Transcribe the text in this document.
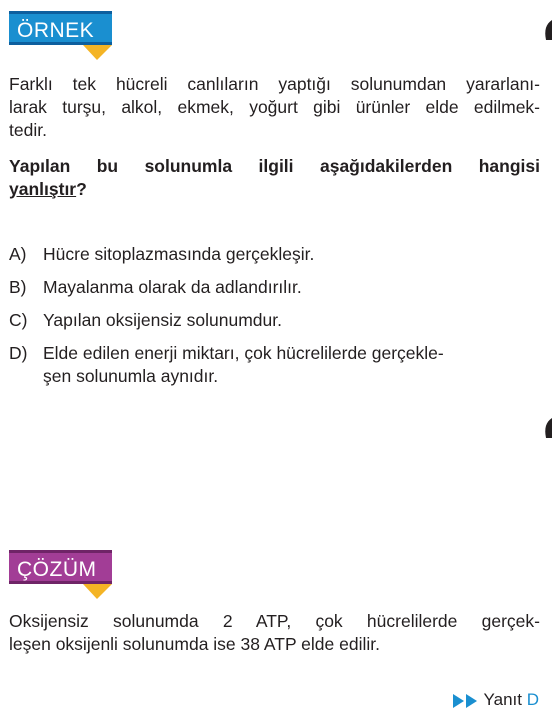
ÖRNEK
Farklı tek hücreli canlıların yaptığı solunumdan yararlanı-
larak turşu, alkol, ekmek, yoğurt gibi ürünler elde edilmek-
tedir.
Yapılan bu solunumla ilgili aşağıdakilerden hangisi
yanlıştır?
A) Hücre sitoplazmasında gerçekleşir.
B) Mayalanma olarak da adlandırılır.
C) Yapılan oksijensiz solunumdur.
D) Elde edilen enerji miktarı, çok hücrelilerde gerçekle-
şen solunumla aynıdır.
ÇÖZÜM
Oksijensiz solunumda 2 ATP, çok hücrelilerde gerçek-
leşen oksijenli solunumda ise 38 ATP elde edilir.
Yanıt D
